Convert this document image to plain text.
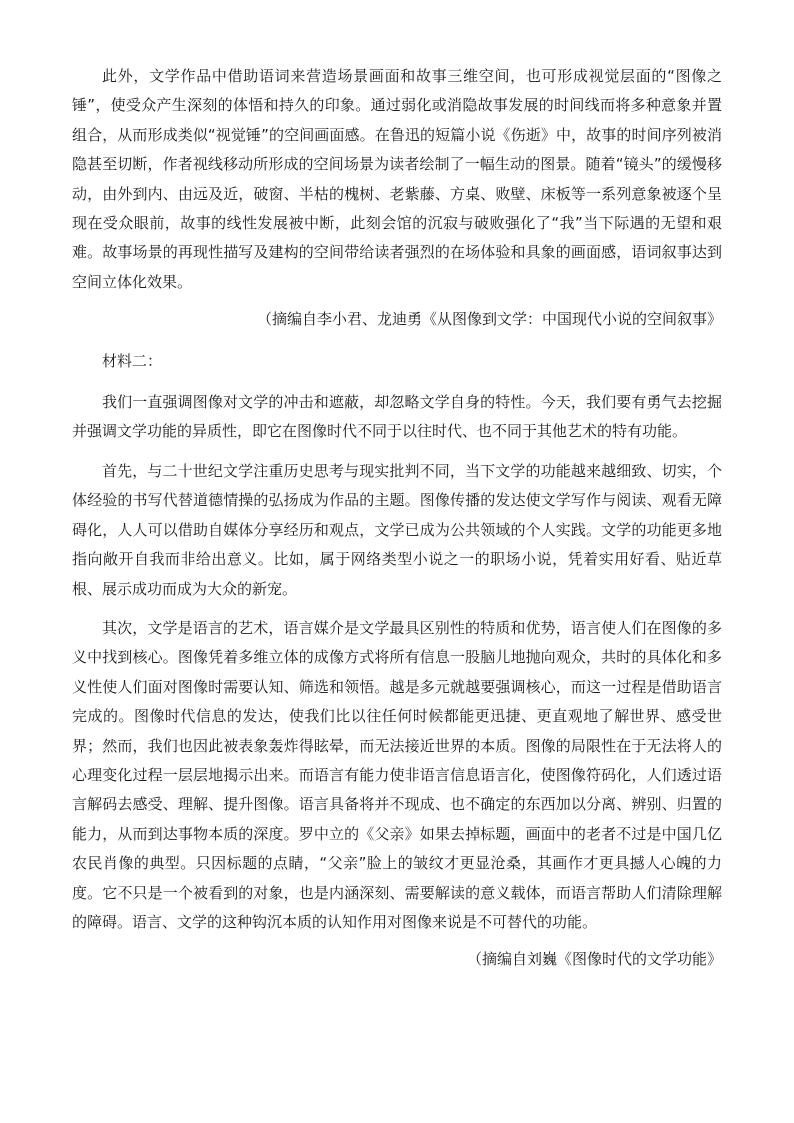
此外，文学作品中借助语词来营造场景画面和故事三维空间，也可形成视觉层面的“图像之锤”，使受众产生深刻的体悟和持久的印象。通过弱化或消隐故事发展的时间线而将多种意象并置组合，从而形成类似“视觉锤”的空间画面感。在鲁迅的短篇小说《伤逝》中，故事的时间序列被消隐甚至切断，作者视线移动所形成的空间场景为读者绘制了一幅生动的图景。随着“镜头”的缓慢移动，由外到内、由远及近，破窗、半枯的槐树、老紫藤、方桌、败壁、床板等一系列意象被逐个呈现在受众眼前，故事的线性发展被中断，此刻会馆的沉寂与破败强化了“我”当下际遇的无望和艰难。故事场景的再现性描写及建构的空间带给读者强烈的在场体验和具象的画面感，语词叙事达到空间立体化效果。

（摘编自李小君、龙迪勇《从图像到文学：中国现代小说的空间叙事》

材料二：

我们一直强调图像对文学的冲击和遮蔽，却忽略文学自身的特性。今天，我们要有勇气去挖掘并强调文学功能的异质性，即它在图像时代不同于以往时代、也不同于其他艺术的特有功能。

首先，与二十世纪文学注重历史思考与现实批判不同，当下文学的功能越来越细致、切实，个体经验的书写代替道德情操的弘扬成为作品的主题。图像传播的发达使文学写作与阅读、观看无障碍化，人人可以借助自媒体分享经历和观点，文学已成为公共领域的个人实践。文学的功能更多地指向敞开自我而非给出意义。比如，属于网络类型小说之一的职场小说，凭着实用好看、贴近草根、展示成功而成为大众的新宠。

其次，文学是语言的艺术，语言媒介是文学最具区别性的特质和优势，语言使人们在图像的多义中找到核心。图像凭着多维立体的成像方式将所有信息一股脑儿地抛向观众，共时的具体化和多义性使人们面对图像时需要认知、筛选和领悟。越是多元就越要强调核心，而这一过程是借助语言完成的。图像时代信息的发达，使我们比以往任何时候都能更迅捷、更直观地了解世界、感受世界；然而，我们也因此被表象轰炸得眩晕，而无法接近世界的本质。图像的局限性在于无法将人的心理变化过程一层层地揭示出来。而语言有能力使非语言信息语言化，使图像符码化，人们透过语言解码去感受、理解、提升图像。语言具备将并不现成、也不确定的东西加以分离、辨别、归置的能力，从而到达事物本质的深度。罗中立的《父亲》如果去掉标题，画面中的老者不过是中国几亿农民肖像的典型。只因标题的点睛，“父亲”脸上的皱纹才更显沧桑，其画作才更具撼人心魄的力度。它不只是一个被看到的对象，也是内涵深刻、需要解读的意义载体，而语言帮助人们清除理解的障碍。语言、文学的这种钩沉本质的认知作用对图像来说是不可替代的功能。

（摘编自刘巍《图像时代的文学功能》
